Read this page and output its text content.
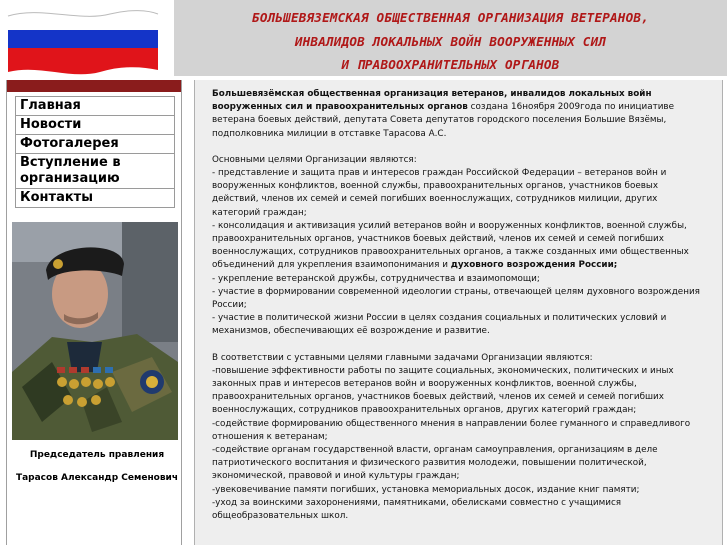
БОЛЬШЕВЯЗЕМСКАЯ ОБЩЕСТВЕННАЯ ОРГАНИЗАЦИЯ ВЕТЕРАНОВ,
ИНВАЛИДОВ ЛОКАЛЬНЫХ ВОЙН ВООРУЖЕННЫХ СИЛ
И ПРАВООХРАНИТЕЛЬНЫХ ОРГАНОВ
Главная
Новости
Фотогалерея
Вступление в организацию
Контакты
Председатель правления
Тарасов Александр Семенович

Большевязёмская общественная организация ветеранов, инвалидов локальных войн вооруженных сил и правоохранительных органов создана 16ноября 2009года по инициативе ветерана боевых действий, депутата Совета депутатов городского поселения Большие Вязёмы, подполковника милиции в отставке Тарасова А.С.

Основными целями Организации являются:

- представление и защита прав и интересов граждан Российской Федерации – ветеранов войн и вооруженных конфликтов, военной службы, правоохранительных органов, участников боевых действий, членов их семей и семей погибших военнослужащих, сотрудников милиции, других категорий граждан;

- консолидация и активизация усилий ветеранов войн и вооруженных конфликтов, военной службы, правоохранительных органов, участников боевых действий, членов их семей и семей погибших военнослужащих, сотрудников правоохранительных органов, а также созданных ими общественных объединений для укрепления взаимопонимания и духовного возрождения России;

- укрепление ветеранской дружбы, сотрудничества и взаимопомощи;

- участие в формировании современной идеологии страны, отвечающей целям духовного возрождения России;

- участие в политической жизни России в целях создания социальных и политических условий и механизмов, обеспечивающих её возрождение и развитие.

В соответствии с уставными целями главными задачами Организации являются:

-повышение эффективности работы по защите социальных, экономических, политических и иных законных прав и интересов ветеранов войн и вооруженных конфликтов, военной службы, правоохранительных органов, участников боевых действий, членов их семей и семей погибших военнослужащих, сотрудников правоохранительных органов, других категорий граждан;

-содействие формированию общественного мнения в направлении более гуманного и справедливого отношения к ветеранам;

-содействие органам государственной власти, органам самоуправления, организациям в деле патриотического воспитания и физического развития молодежи, повышении политической, экономической, правовой и иной культуры граждан;

-увековечивание памяти погибших, установка мемориальных досок, издание книг памяти;

-уход за воинскими захоронениями, памятниками, обелисками совместно с учащимися общеобразовательных школ.
